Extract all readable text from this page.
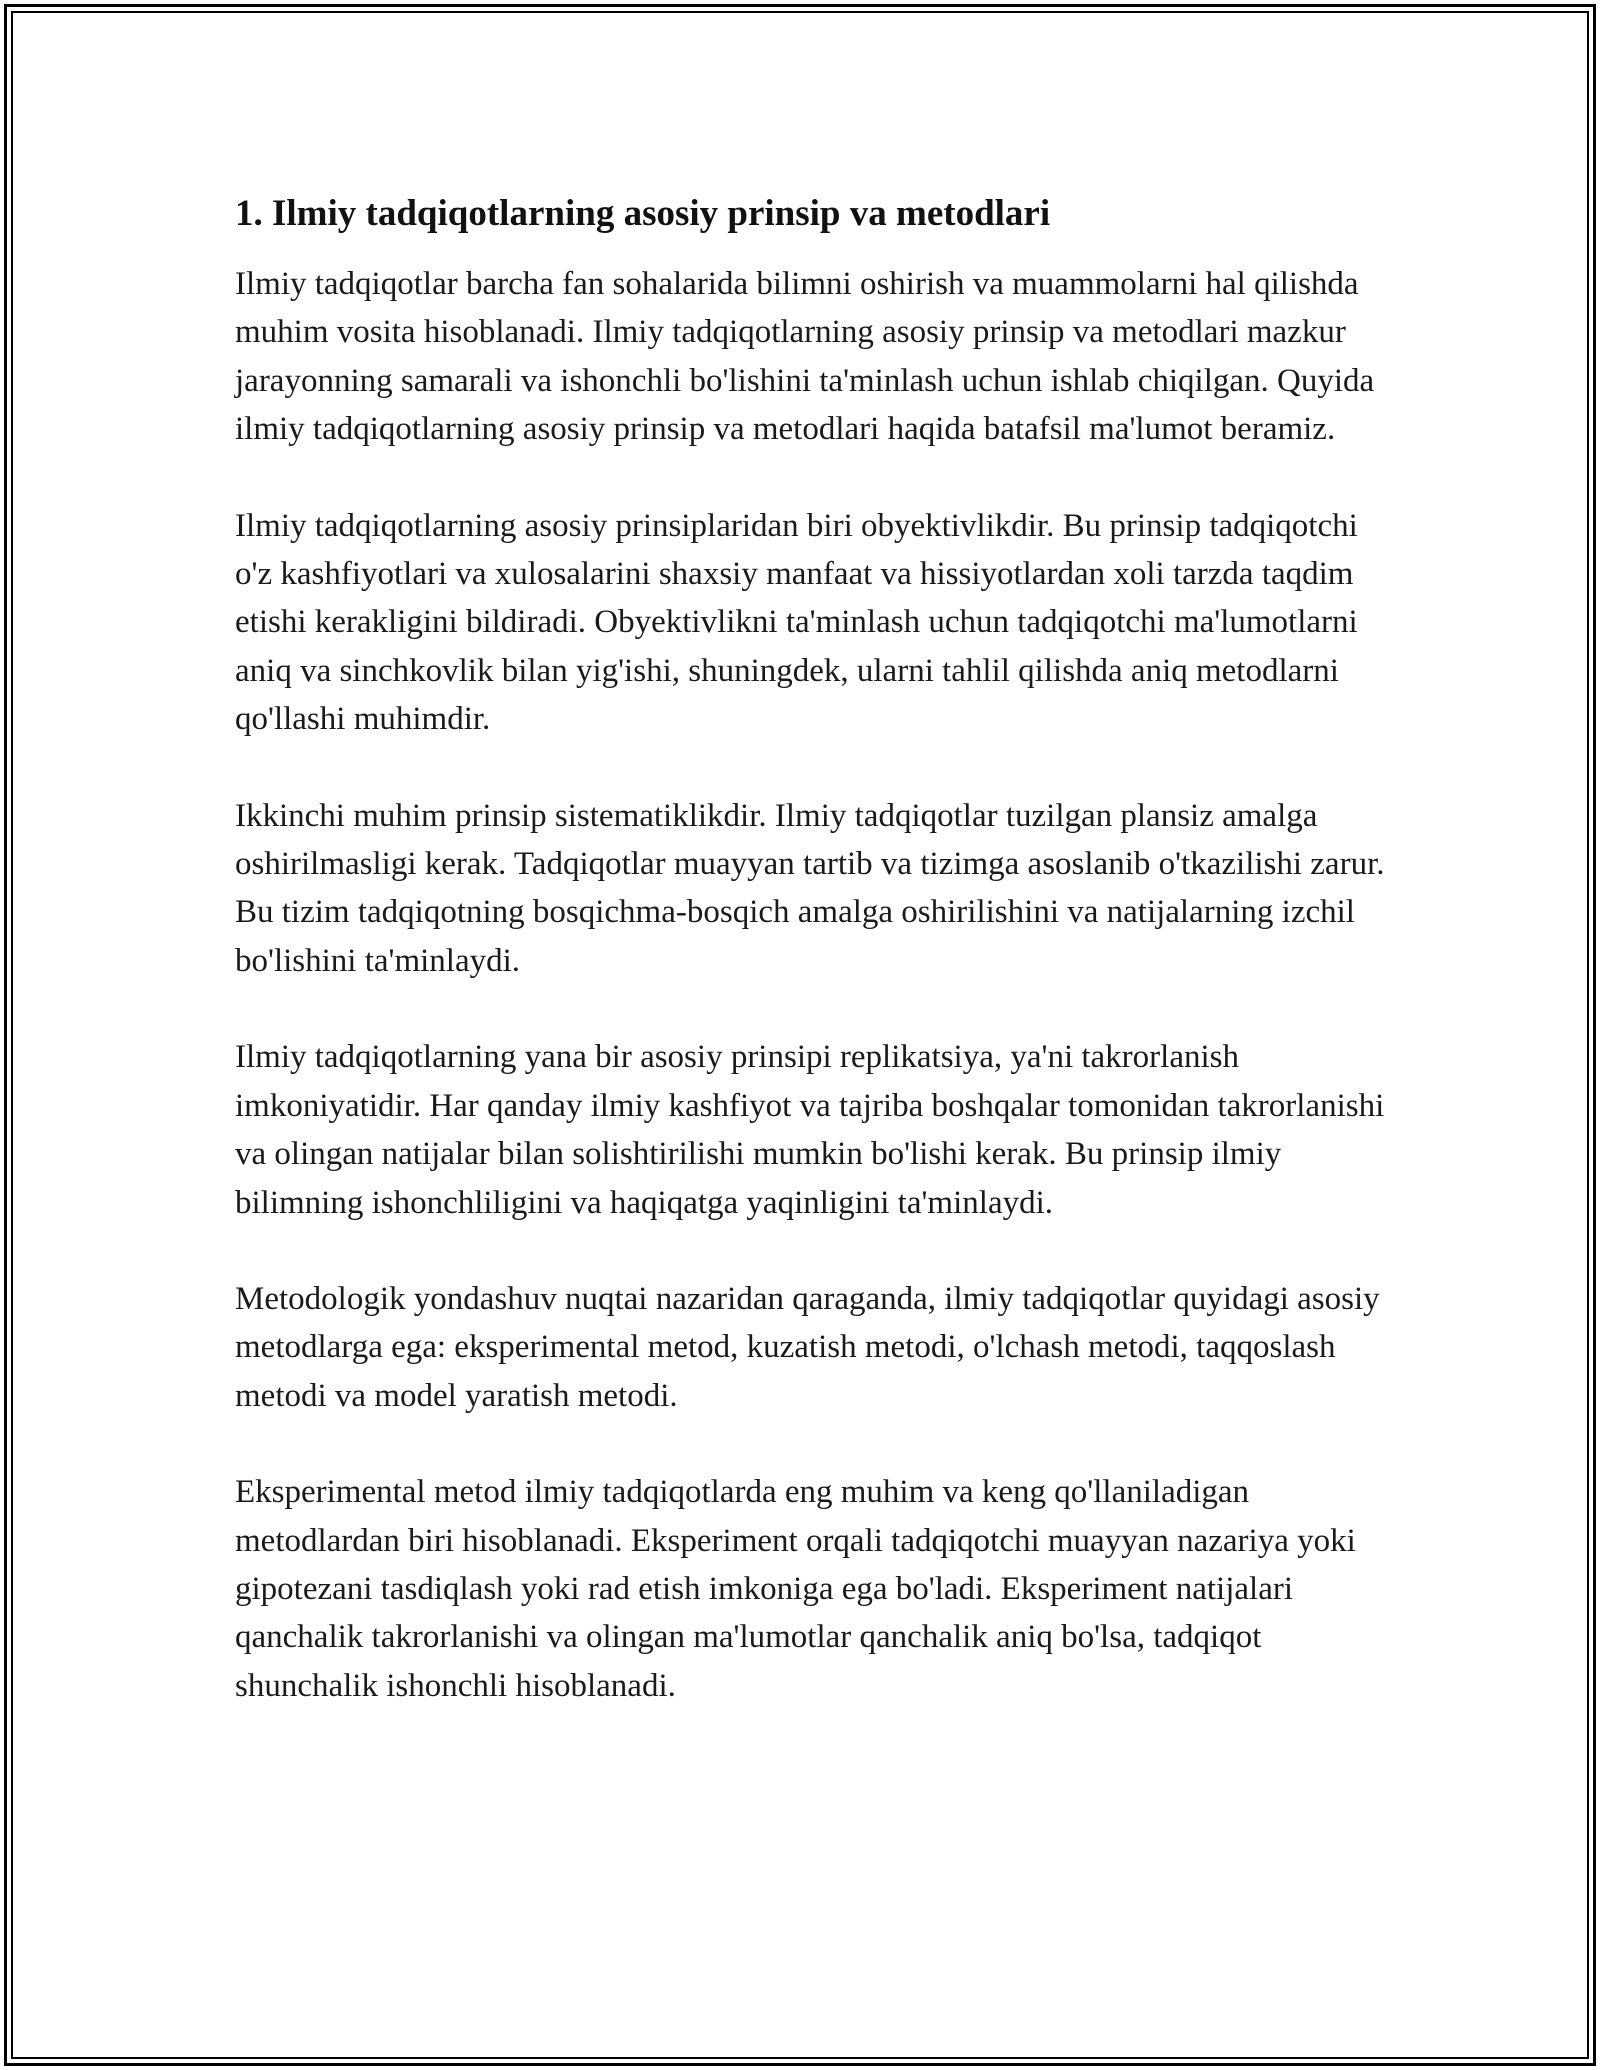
1. Ilmiy tadqiqotlarning asosiy prinsip va metodlari

Ilmiy tadqiqotlar barcha fan sohalarida bilimni oshirish va muammolarni hal qilishda muhim vosita hisoblanadi. Ilmiy tadqiqotlarning asosiy prinsip va metodlari mazkur jarayonning samarali va ishonchli bo'lishini ta'minlash uchun ishlab chiqilgan. Quyida ilmiy tadqiqotlarning asosiy prinsip va metodlari haqida batafsil ma'lumot beramiz.

Ilmiy tadqiqotlarning asosiy prinsiplaridan biri obyektivlikdir. Bu prinsip tadqiqotchi o'z kashfiyotlari va xulosalarini shaxsiy manfaat va hissiyotlardan xoli tarzda taqdim etishi kerakligini bildiradi. Obyektivlikni ta'minlash uchun tadqiqotchi ma'lumotlarni aniq va sinchkovlik bilan yig'ishi, shuningdek, ularni tahlil qilishda aniq metodlarni qo'llashi muhimdir.

Ikkinchi muhim prinsip sistematiklikdir. Ilmiy tadqiqotlar tuzilgan plansiz amalga oshirilmasligi kerak. Tadqiqotlar muayyan tartib va tizimga asoslanib o'tkazilishi zarur. Bu tizim tadqiqotning bosqichma-bosqich amalga oshirilishini va natijalarning izchil bo'lishini ta'minlaydi.

Ilmiy tadqiqotlarning yana bir asosiy prinsipi replikatsiya, ya'ni takrorlanish imkoniyatidir. Har qanday ilmiy kashfiyot va tajriba boshqalar tomonidan takrorlanishi va olingan natijalar bilan solishtirilishi mumkin bo'lishi kerak. Bu prinsip ilmiy bilimning ishonchliligini va haqiqatga yaqinligini ta'minlaydi.

Metodologik yondashuv nuqtai nazaridan qaraganda, ilmiy tadqiqotlar quyidagi asosiy metodlarga ega: eksperimental metod, kuzatish metodi, o'lchash metodi, taqqoslash metodi va model yaratish metodi.

Eksperimental metod ilmiy tadqiqotlarda eng muhim va keng qo'llaniladigan metodlardan biri hisoblanadi. Eksperiment orqali tadqiqotchi muayyan nazariya yoki gipotezani tasdiqlash yoki rad etish imkoniga ega bo'ladi. Eksperiment natijalari qanchalik takrorlanishi va olingan ma'lumotlar qanchalik aniq bo'lsa, tadqiqot shunchalik ishonchli hisoblanadi.
